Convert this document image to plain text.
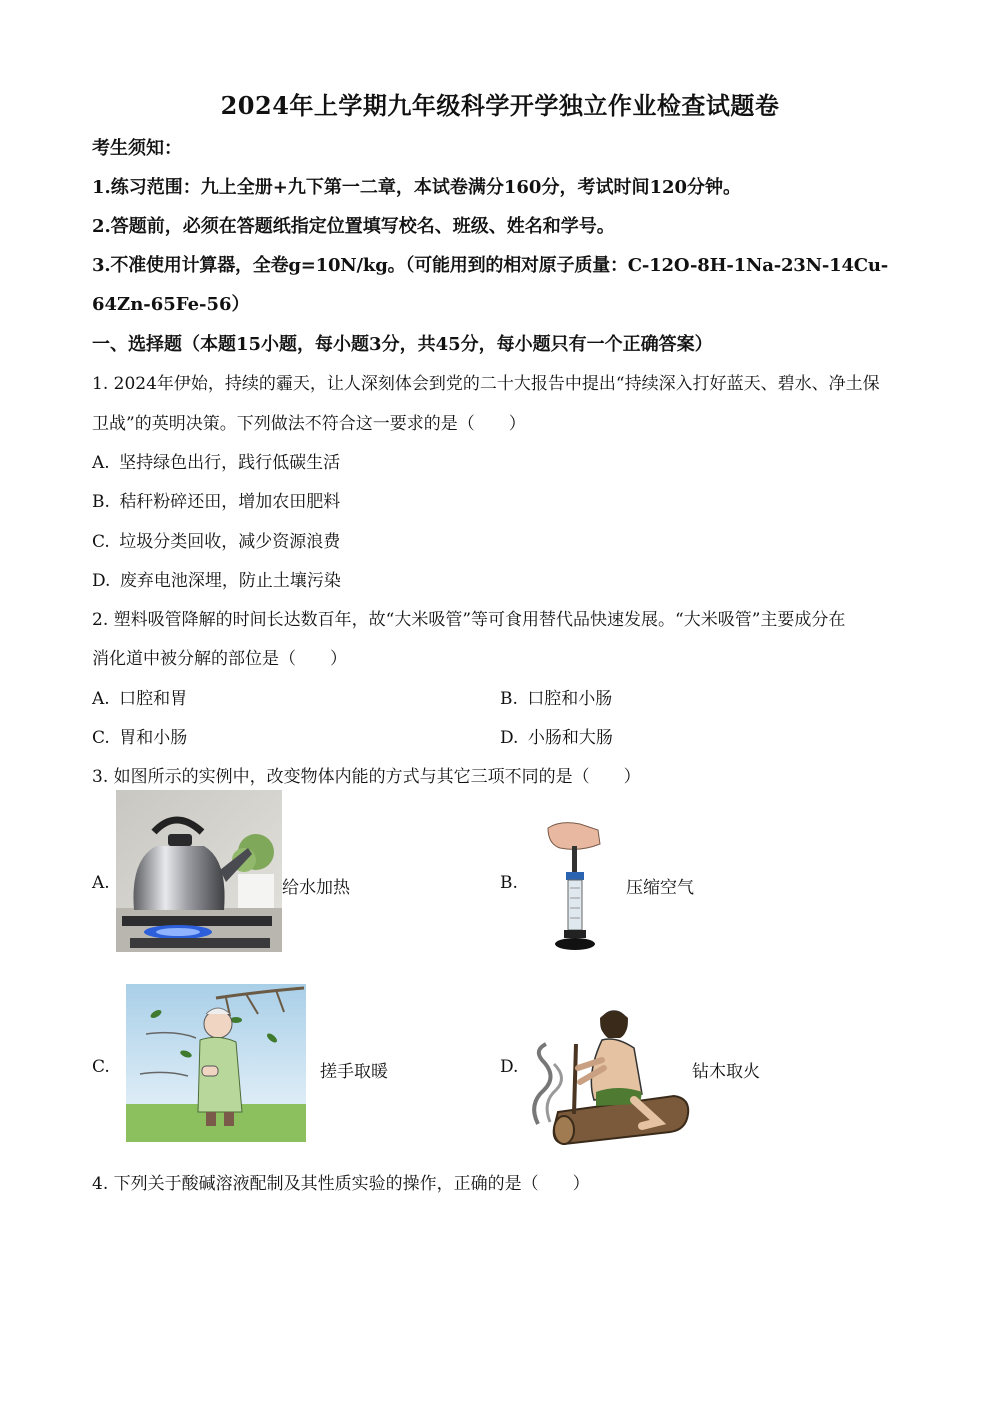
2024年上学期九年级科学开学独立作业检查试题卷
考生须知：
1.练习范围：九上全册+九下第一二章，本试卷满分160分，考试时间120分钟。
2.答题前，必须在答题纸指定位置填写校名、班级、姓名和学号。
3.不准使用计算器，全卷g=10N/kg。（可能用到的相对原子质量：C-12O-8H-1Na-23N-14Cu-
64Zn-65Fe-56）
一、选择题（本题15小题，每小题3分，共45分，每小题只有一个正确答案）
1. 2024年伊始，持续的霾天，让人深刻体会到党的二十大报告中提出“持续深入打好蓝天、碧水、净土保
卫战”的英明决策。下列做法不符合这一要求的是（　　）
A. 坚持绿色出行，践行低碳生活
B. 秸秆粉碎还田，增加农田肥料
C. 垃圾分类回收，减少资源浪费
D. 废弃电池深埋，防止土壤污染
2. 塑料吸管降解的时间长达数百年，故“大米吸管”等可食用替代品快速发展。“大米吸管”主要成分在
消化道中被分解的部位是（　　）
A. 口腔和胃	B. 口腔和小肠
C. 胃和小肠	D. 小肠和大肠
3. 如图所示的实例中，改变物体内能的方式与其它三项不同的是（　　）
A.	给水加热	B.	压缩空气
C.	搓手取暖	D.	钻木取火
4. 下列关于酸碱溶液配制及其性质实验的操作，正确的是（　　）
